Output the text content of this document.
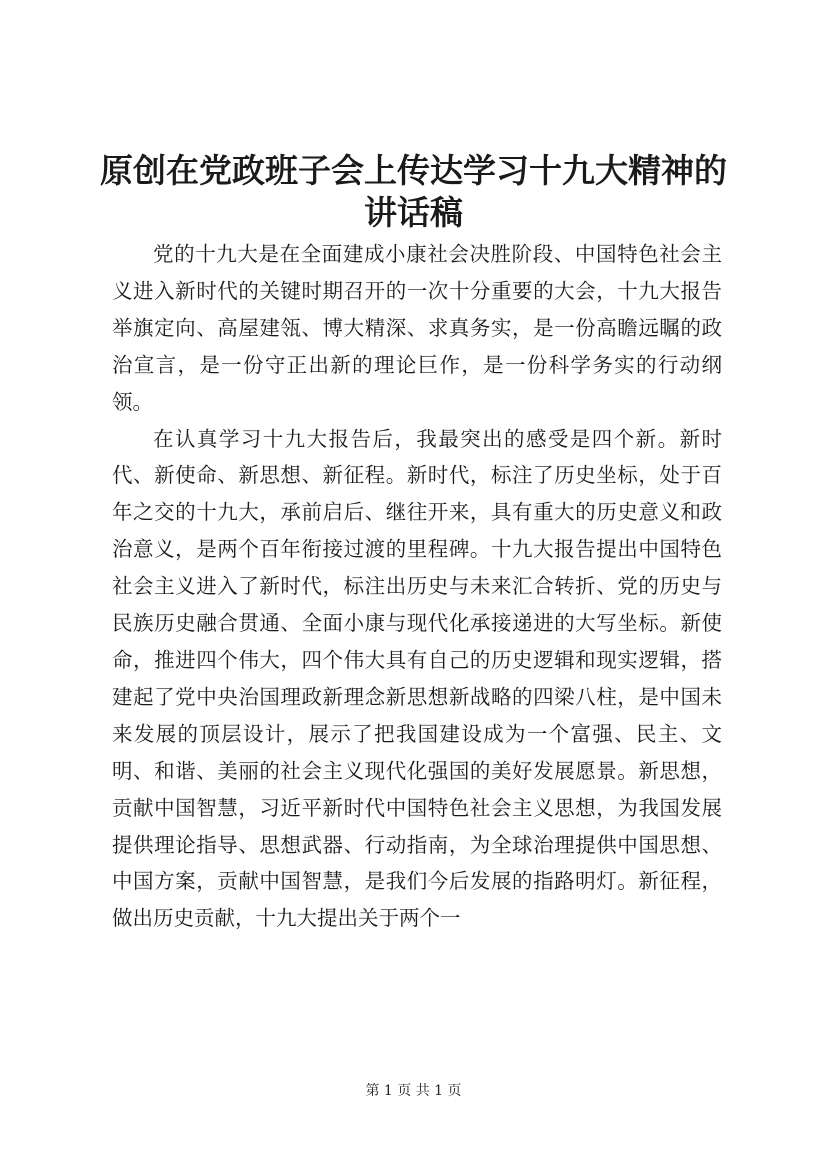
原创在党政班子会上传达学习十九大精神的讲话稿

党的十九大是在全面建成小康社会决胜阶段、中国特色社会主义进入新时代的关键时期召开的一次十分重要的大会，十九大报告举旗定向、高屋建瓴、博大精深、求真务实，是一份高瞻远瞩的政治宣言，是一份守正出新的理论巨作，是一份科学务实的行动纲领。

在认真学习十九大报告后，我最突出的感受是四个新。新时代、新使命、新思想、新征程。新时代，标注了历史坐标，处于百年之交的十九大，承前启后、继往开来，具有重大的历史意义和政治意义，是两个百年衔接过渡的里程碑。十九大报告提出中国特色社会主义进入了新时代，标注出历史与未来汇合转折、党的历史与民族历史融合贯通、全面小康与现代化承接递进的大写坐标。新使命，推进四个伟大，四个伟大具有自己的历史逻辑和现实逻辑，搭建起了党中央治国理政新理念新思想新战略的四梁八柱，是中国未来发展的顶层设计，展示了把我国建设成为一个富强、民主、文明、和谐、美丽的社会主义现代化强国的美好发展愿景。新思想，贡献中国智慧，习近平新时代中国特色社会主义思想，为我国发展提供理论指导、思想武器、行动指南，为全球治理提供中国思想、中国方案，贡献中国智慧，是我们今后发展的指路明灯。新征程，做出历史贡献，十九大提出关于两个一

第 1 页 共 1 页
